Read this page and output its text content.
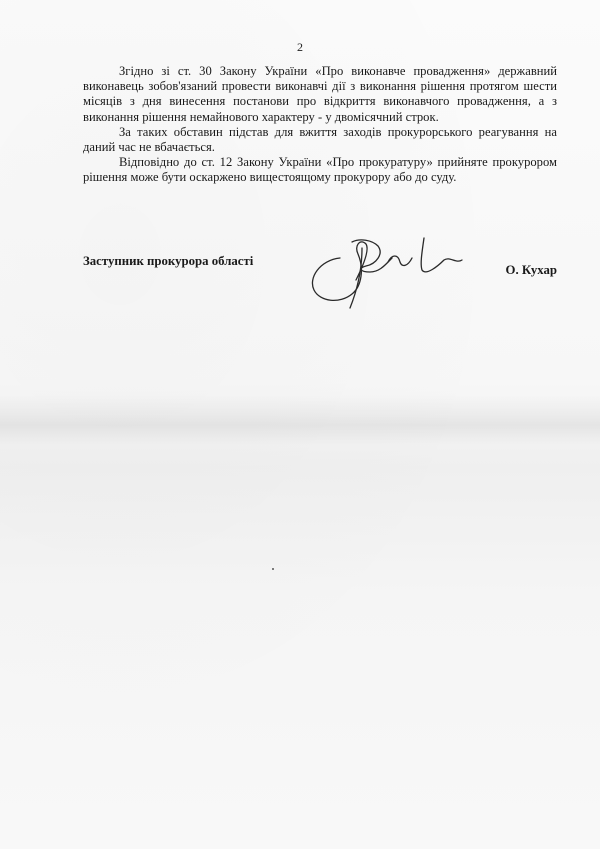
2

Згідно зі ст. 30 Закону України «Про виконавче провадження» державний виконавець зобов'язаний провести виконавчі дії з виконання рішення протягом шести місяців з дня винесення постанови про відкриття виконавчого провадження, а з виконання рішення немайнового характеру - у двомісячний строк.

За таких обставин підстав для вжиття заходів прокурорського реагування на даний час не вбачається.

Відповідно до ст. 12 Закону України «Про прокуратуру» прийняте прокурором рішення може бути оскаржено вищестоящому прокурору або до суду.

Заступник прокурора області
О. Кухар
